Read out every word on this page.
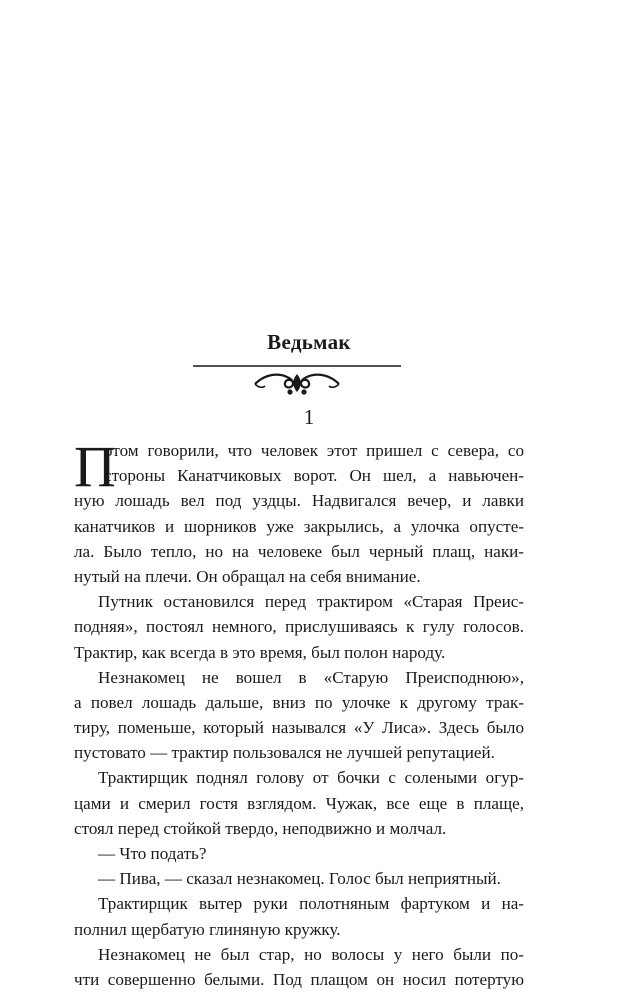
Ведьмак
1
П
отом говорили, что человек этот пришел с севера, со
стороны Канатчиковых ворот. Он шел, а навьючен-
ную лошадь вел под уздцы. Надвигался вечер, и лавки
канатчиков и шорников уже закрылись, а улочка опусте-
ла. Было тепло, но на человеке был черный плащ, наки-
нутый на плечи. Он обращал на себя внимание.
Путник остановился перед трактиром «Старая Преис-
подняя», постоял немного, прислушиваясь к гулу голосов.
Трактир, как всегда в это время, был полон народу.
Незнакомец не вошел в «Старую Преисподнюю»,
а повел лошадь дальше, вниз по улочке к другому трак-
тиру, поменьше, который назывался «У Лиса». Здесь было
пустовато — трактир пользовался не лучшей репутацией.
Трактирщик поднял голову от бочки с солеными огур-
цами и смерил гостя взглядом. Чужак, все еще в плаще,
стоял перед стойкой твердо, неподвижно и молчал.
— Что подать?
— Пива, — сказал незнакомец. Голос был неприятный.
Трактирщик вытер руки полотняным фартуком и на-
полнил щербатую глиняную кружку.
Незнакомец не был стар, но волосы у него были по-
чти совершенно белыми. Под плащом он носил потертую
